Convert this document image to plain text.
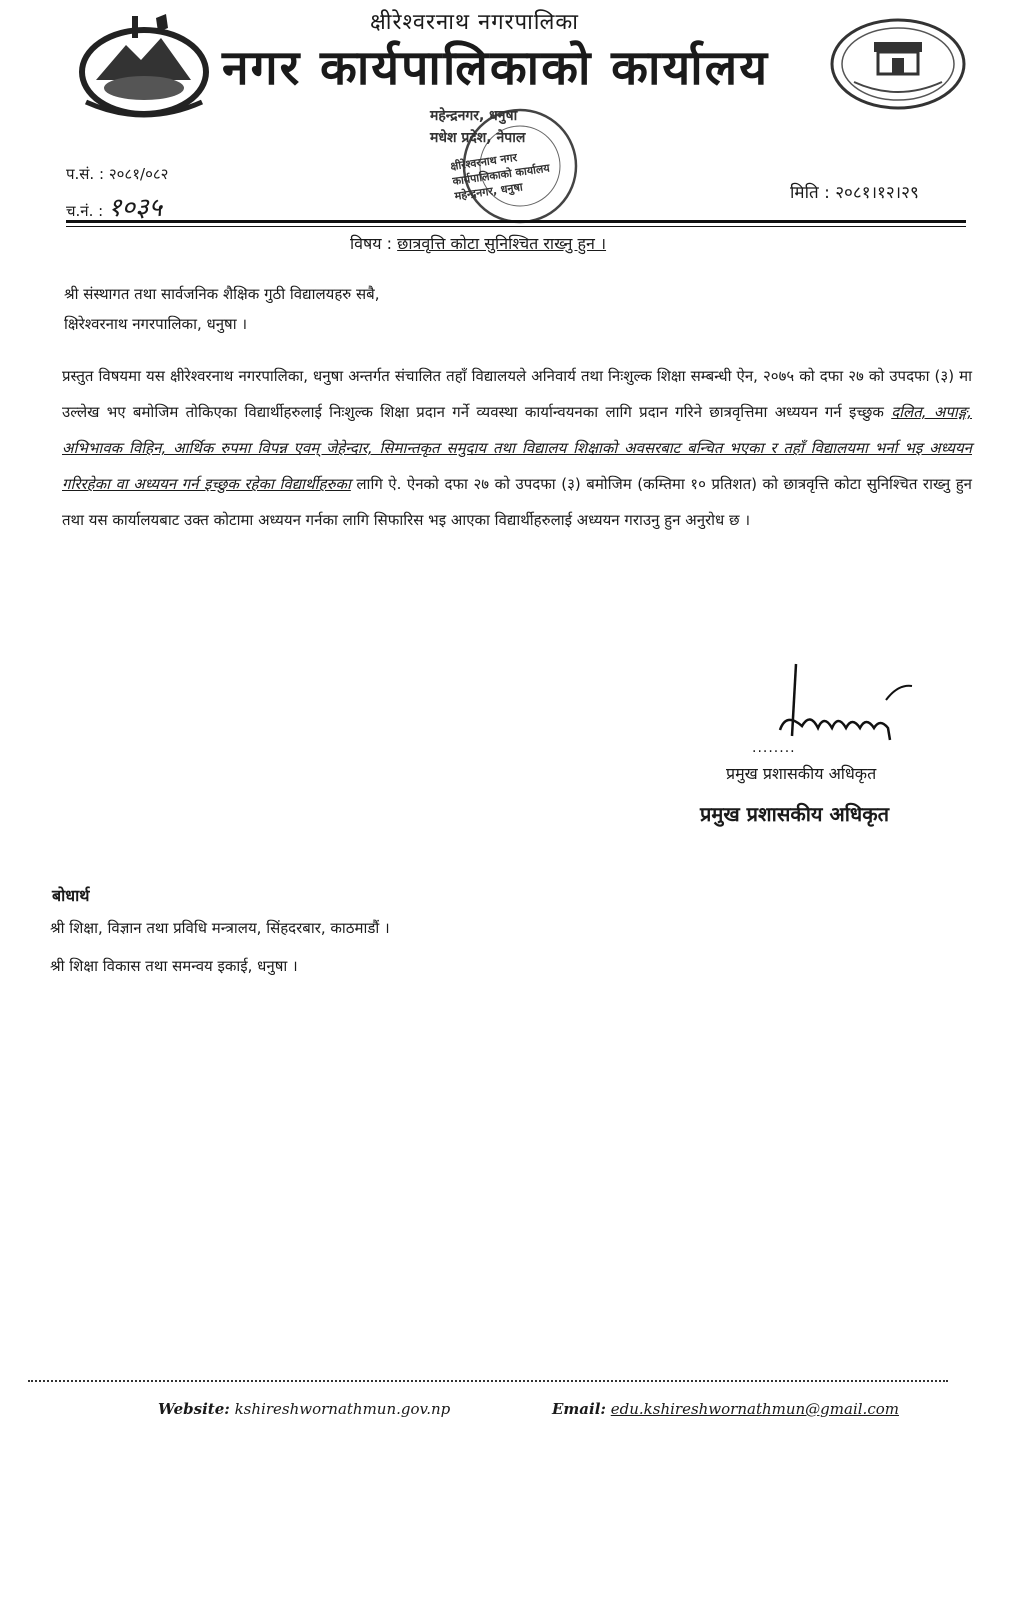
क्षीरेश्वरनाथ नगरपालिका
नगर कार्यपालिकाको कार्यालय
महेन्द्रनगर, धनुषा
मधेश प्रदेश, नेपाल
क्षीरेश्वरनाथ नगर कार्यपालिकाको कार्यालय महेन्द्रनगर, धनुषा
प.सं. : २०८१/०८२
च.नं. : १०३५	मिति : २०८१।१२।२९
विषय : छात्रवृत्ति कोटा सुनिश्चित राख्नु हुन ।
श्री संस्थागत तथा सार्वजनिक शैक्षिक गुठी विद्यालयहरु सबै,
क्षिरेश्वरनाथ नगरपालिका, धनुषा ।
प्रस्तुत विषयमा यस क्षीरेश्वरनाथ नगरपालिका, धनुषा अन्तर्गत संचालित तहाँ विद्यालयले अनिवार्य तथा निःशुल्क शिक्षा सम्बन्धी ऐन, २०७५ को दफा २७ को उपदफा (३) मा उल्लेख भए बमोजिम तोकिएका विद्यार्थीहरुलाई निःशुल्क शिक्षा प्रदान गर्ने व्यवस्था कार्यान्वयनका लागि प्रदान गरिने छात्रवृत्तिमा अध्ययन गर्न इच्छुक दलित, अपाङ्ग, अभिभावक विहिन, आर्थिक रुपमा विपन्न एवम् जेहेन्दार, सिमान्तकृत समुदाय तथा विद्यालय शिक्षाको अवसरबाट बन्चित भएका र तहाँ विद्यालयमा भर्ना भइ अध्ययन गरिरहेका वा अध्ययन गर्न इच्छुक रहेका विद्यार्थीहरुका लागि ऐ. ऐनको दफा २७ को उपदफा (३) बमोजिम (कम्तिमा १० प्रतिशत) को छात्रवृत्ति कोटा सुनिश्चित राख्नु हुन तथा यस कार्यालयबाट उक्त कोटामा अध्ययन गर्नका लागि सिफारिस भइ आएका विद्यार्थीहरुलाई अध्ययन गराउनु हुन अनुरोध छ ।
........
प्रमुख प्रशासकीय अधिकृत
प्रमुख प्रशासकीय अधिकृत
बोधार्थ
श्री शिक्षा, विज्ञान तथा प्रविधि मन्त्रालय, सिंहदरबार, काठमाडौं ।
श्री शिक्षा विकास तथा समन्वय इकाई, धनुषा ।
Website: kshireshwornathmun.gov.np	Email: edu.kshireshwornathmun@gmail.com
